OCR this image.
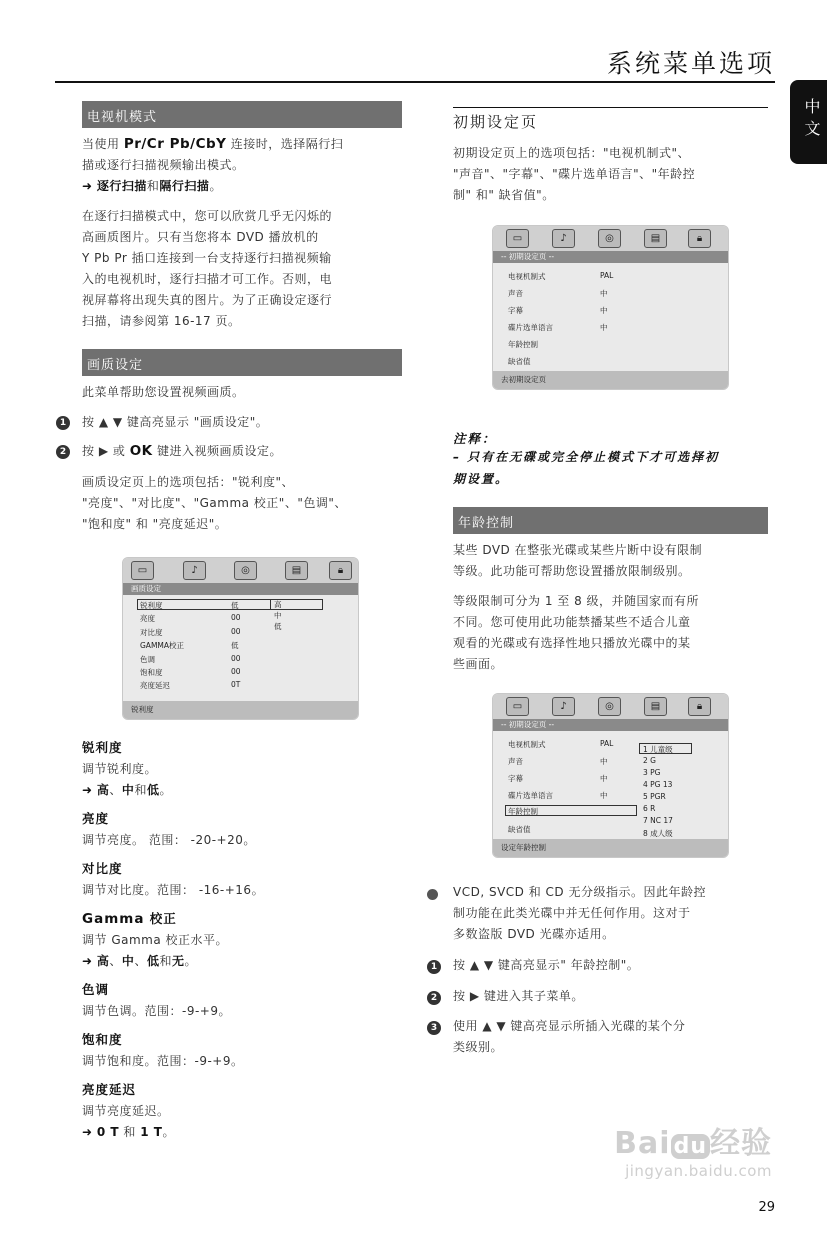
系统菜单选项
中文
电视机模式
当使用 Pr/Cr Pb/CbY 连接时，选择隔行扫
描或逐行扫描视频输出模式。
➜ 逐行扫描和隔行扫描。
在逐行扫描模式中，您可以欣赏几乎无闪烁的
高画质图片。只有当您将本 DVD 播放机的
Y Pb Pr 插口连接到一台支持逐行扫描视频输
入的电视机时，逐行扫描才可工作。否则，电
视屏幕将出现失真的图片。为了正确设定逐行
扫描，请参阅第 16-17 页。
画质设定
此菜单帮助您设置视频画质。
1	按 ▲ ▼ 键高亮显示 "画质设定"。
2	按 ▶ 或 OK 键进入视频画质设定。
画质设定页上的选项包括："锐利度"、
"亮度"、"对比度"、"Gamma 校正"、"色调"、
"饱和度" 和 "亮度延迟"。
▭	♪	◎	▤	🔒︎
画质设定
锐利度	低
亮度	00
对比度	00
GAMMA校正	低
色调	00
饱和度	00
亮度延迟	0T
高
中
低
锐利度
锐利度
调节锐利度。
➜ 高、中和低。
亮度
调节亮度。 范围： -20-+20。
对比度
调节对比度。范围： -16-+16。
Gamma 校正
调节 Gamma 校正水平。
➜ 高、中、低和无。
色调
调节色调。范围：-9-+9。
饱和度
调节饱和度。范围：-9-+9。
亮度延迟
调节亮度延迟。
➜ 0 T 和 1 T。
初期设定页
初期设定页上的选项包括："电视机制式"、
"声音"、"字幕"、"碟片选单语言"、"年龄控
制" 和" 缺省值"。
▭	♪	◎	▤	🔒︎
-- 初期设定页 --
电视机制式	PAL
声音	中
字幕	中
碟片选单语言	中
年龄控制
缺省值
去初期设定页
注释：
– 只有在无碟或完全停止模式下才可选择初
期设置。
年龄控制
某些 DVD 在整张光碟或某些片断中设有限制
等级。此功能可帮助您设置播放限制级别。
等级限制可分为 1 至 8 级，并随国家而有所
不同。您可使用此功能禁播某些不适合儿童
观看的光碟或有选择性地只播放光碟中的某
些画面。
▭	♪	◎	▤	🔒︎
-- 初期设定页 --
电视机制式	PAL
声音	中
字幕	中
碟片选单语言	中
年龄控制
缺省值
1 儿童级
2 G
3 PG
4 PG 13
5 PGR
6 R
7 NC 17
8 成人级
设定年龄控制
VCD, SVCD 和 CD 无分级指示。因此年龄控
制功能在此类光碟中并无任何作用。这对于
多数盗版 DVD 光碟亦适用。
1	按 ▲ ▼ 键高亮显示" 年龄控制"。
2	按 ▶ 键进入其子菜单。
3	使用 ▲ ▼ 键高亮显示所插入光碟的某个分
类级别。
Bai du 经验
jingyan.baidu.com
29
